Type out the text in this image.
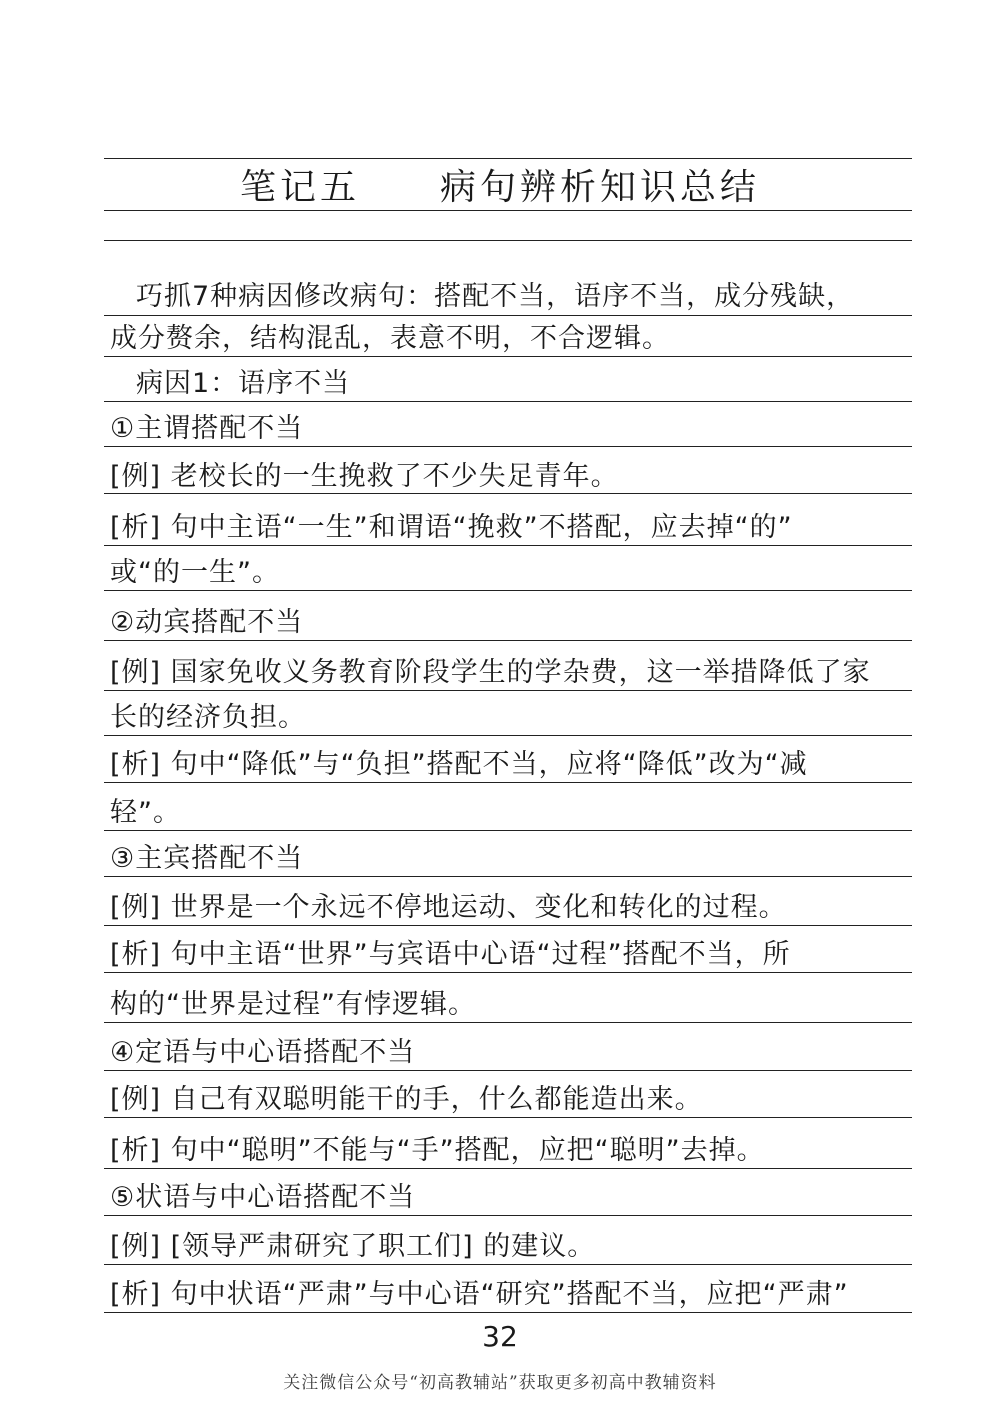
笔记五　　病句辨析知识总结
巧抓7种病因修改病句：搭配不当，语序不当，成分残缺，
成分赘余，结构混乱，表意不明，不合逻辑。
病因1：语序不当
①主谓搭配不当
[例] 老校长的一生挽救了不少失足青年。
[析] 句中主语“一生”和谓语“挽救”不搭配，应去掉“的”
或“的一生”。
②动宾搭配不当
[例] 国家免收义务教育阶段学生的学杂费，这一举措降低了家
长的经济负担。
[析] 句中“降低”与“负担”搭配不当，应将“降低”改为“减
轻”。
③主宾搭配不当
[例] 世界是一个永远不停地运动、变化和转化的过程。
[析] 句中主语“世界”与宾语中心语“过程”搭配不当，所
构的“世界是过程”有悖逻辑。
④定语与中心语搭配不当
[例] 自己有双聪明能干的手，什么都能造出来。
[析] 句中“聪明”不能与“手”搭配，应把“聪明”去掉。
⑤状语与中心语搭配不当
[例] [领导严肃研究了职工们] 的建议。
[析] 句中状语“严肃”与中心语“研究”搭配不当，应把“严肃”
32
关注微信公众号“初高教辅站”获取更多初高中教辅资料
